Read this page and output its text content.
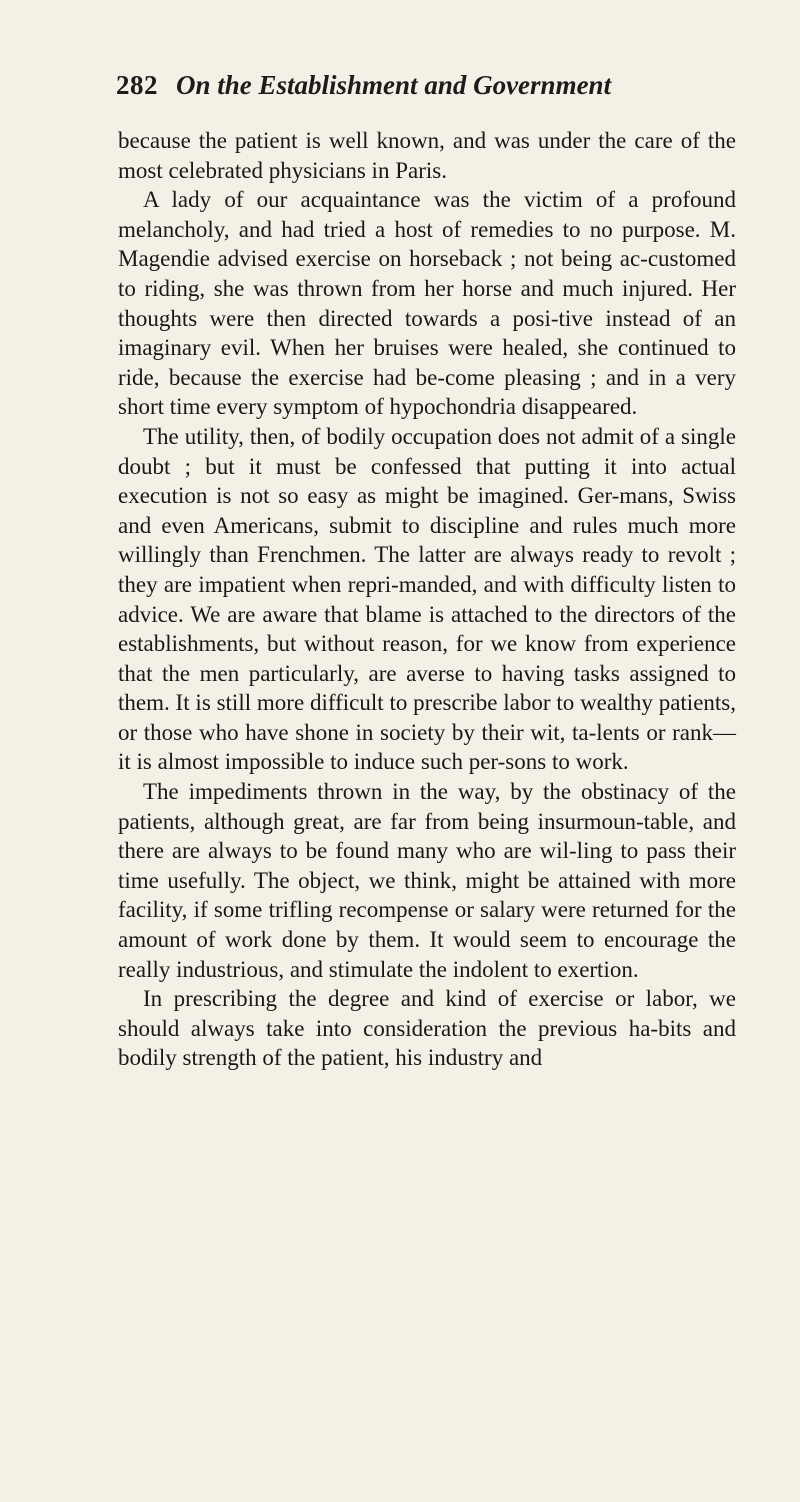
282 On the Establishment and Government

because the patient is well known, and was under the care of the most celebrated physicians in Paris.

A lady of our acquaintance was the victim of a profound melancholy, and had tried a host of remedies to no purpose. M. Magendie advised exercise on horseback ; not being ac-customed to riding, she was thrown from her horse and much injured. Her thoughts were then directed towards a posi-tive instead of an imaginary evil. When her bruises were healed, she continued to ride, because the exercise had be-come pleasing ; and in a very short time every symptom of hypochondria disappeared.

The utility, then, of bodily occupation does not admit of a single doubt ; but it must be confessed that putting it into actual execution is not so easy as might be imagined. Ger-mans, Swiss and even Americans, submit to discipline and rules much more willingly than Frenchmen. The latter are always ready to revolt ; they are impatient when repri-manded, and with difficulty listen to advice. We are aware that blame is attached to the directors of the establishments, but without reason, for we know from experience that the men particularly, are averse to having tasks assigned to them. It is still more difficult to prescribe labor to wealthy patients, or those who have shone in society by their wit, ta-lents or rank—it is almost impossible to induce such per-sons to work.

The impediments thrown in the way, by the obstinacy of the patients, although great, are far from being insurmoun-table, and there are always to be found many who are wil-ling to pass their time usefully. The object, we think, might be attained with more facility, if some trifling recompense or salary were returned for the amount of work done by them. It would seem to encourage the really industrious, and stimulate the indolent to exertion.

In prescribing the degree and kind of exercise or labor, we should always take into consideration the previous ha-bits and bodily strength of the patient, his industry and
